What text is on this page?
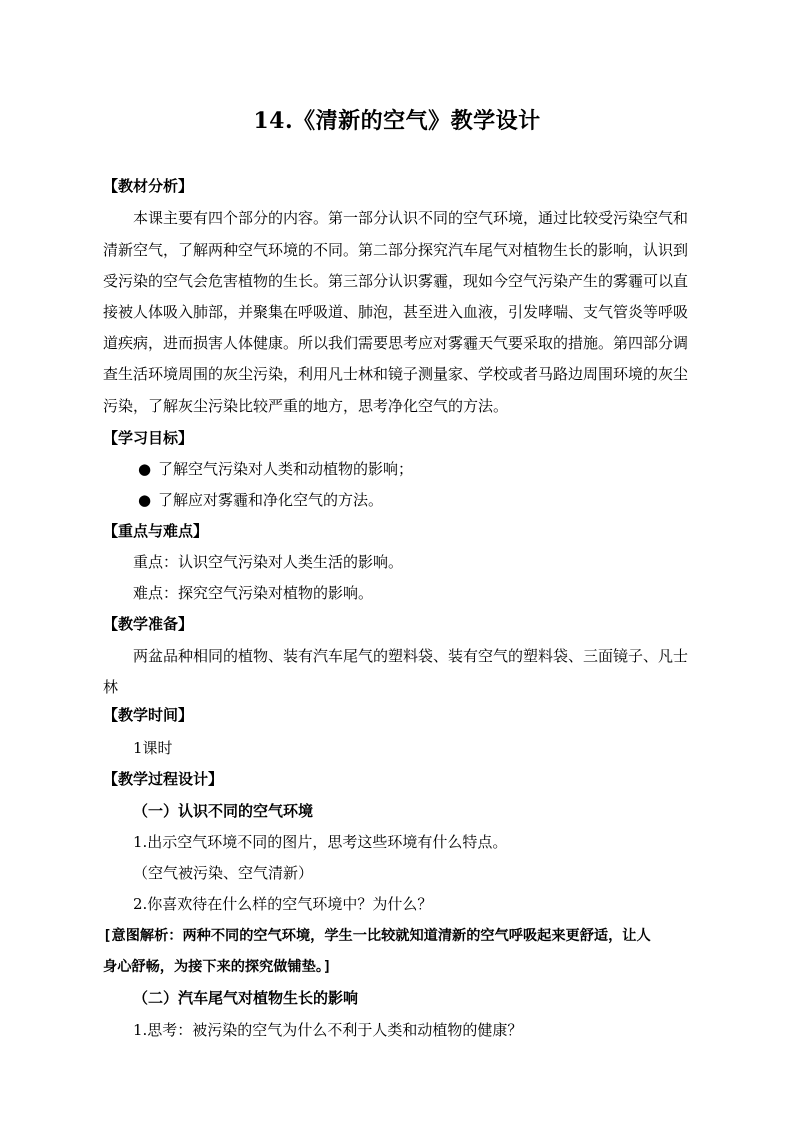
14.《清新的空气》教学设计
【教材分析】
本课主要有四个部分的内容。第一部分认识不同的空气环境，通过比较受污染空气和
清新空气，了解两种空气环境的不同。第二部分探究汽车尾气对植物生长的影响，认识到
受污染的空气会危害植物的生长。第三部分认识雾霾，现如今空气污染产生的雾霾可以直
接被人体吸入肺部，并聚集在呼吸道、肺泡，甚至进入血液，引发哮喘、支气管炎等呼吸
道疾病，进而损害人体健康。所以我们需要思考应对雾霾天气要采取的措施。第四部分调
查生活环境周围的灰尘污染，利用凡士林和镜子测量家、学校或者马路边周围环境的灰尘
污染，了解灰尘污染比较严重的地方，思考净化空气的方法。
【学习目标】
● 了解空气污染对人类和动植物的影响；
● 了解应对雾霾和净化空气的方法。
【重点与难点】
重点：认识空气污染对人类生活的影响。
难点：探究空气污染对植物的影响。
【教学准备】
两盆品种相同的植物、装有汽车尾气的塑料袋、装有空气的塑料袋、三面镜子、凡士
林
【教学时间】
1课时
【教学过程设计】
（一）认识不同的空气环境
1.出示空气环境不同的图片，思考这些环境有什么特点。
（空气被污染、空气清新）
2.你喜欢待在什么样的空气环境中？为什么？
[意图解析：两种不同的空气环境，学生一比较就知道清新的空气呼吸起来更舒适，让人
身心舒畅，为接下来的探究做铺垫。]
（二）汽车尾气对植物生长的影响
1.思考：被污染的空气为什么不利于人类和动植物的健康？
